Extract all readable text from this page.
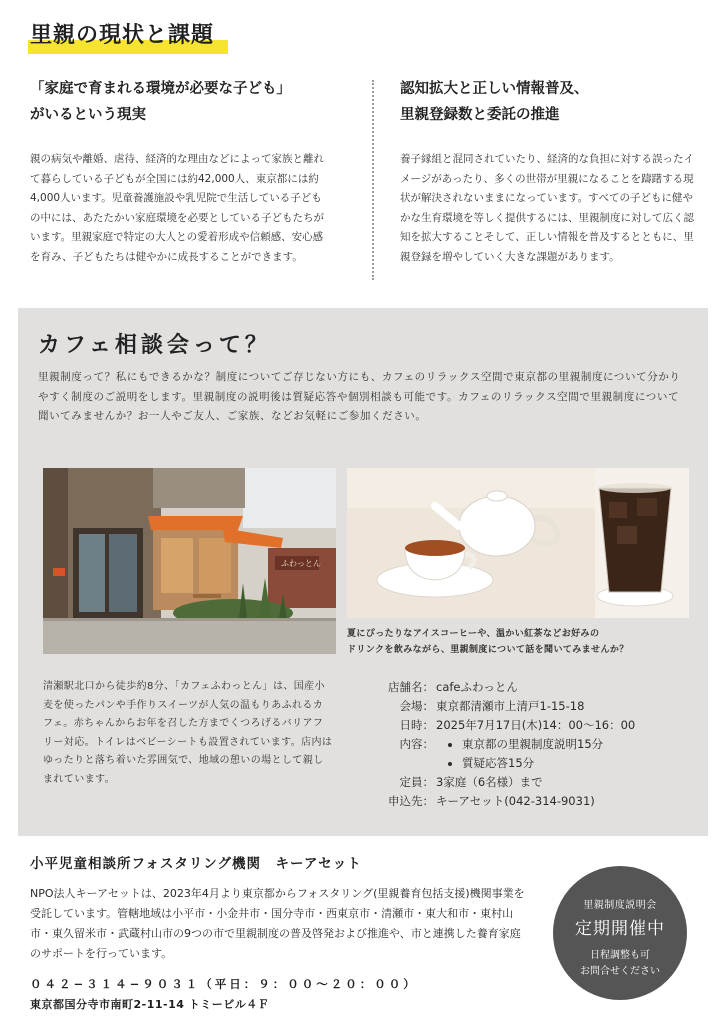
里親の現状と課題
「家庭で育まれる環境が必要な子ども」
がいるという現実

親の病気や離婚、虐待、経済的な理由などによって家族と離れて暮らしている子どもが全国には約42,000人、東京都には約4,000人います。児童養護施設や乳児院で生活している子どもの中には、あたたかい家庭環境を必要としている子どもたちがいます。里親家庭で特定の大人との愛着形成や信頼感、安心感を育み、子どもたちは健やかに成長することができます。

認知拡大と正しい情報普及、
里親登録数と委託の推進

養子縁組と混同されていたり、経済的な負担に対する誤ったイメージがあったり、多くの世帯が里親になることを躊躇する現状が解決されないままになっています。すべての子どもに健やかな生育環境を等しく提供するには、里親制度に対して広く認知を拡大することそして、正しい情報を普及するとともに、里親登録を増やしていく大きな課題があります。

カフェ相談会って？

里親制度って？私にもできるかな？制度についてご存じない方にも、カフェのリラックス空間で東京都の里親制度について分かりやすく制度のご説明をします。里親制度の説明後は質疑応答や個別相談も可能です。カフェのリラックス空間で里親制度について聞いてみませんか？お一人やご友人、ご家族、などお気軽にご参加ください。

ふわっとん
夏にぴったりなアイスコーヒーや、温かい紅茶などお好みの
ドリンクを飲みながら、里親制度について話を聞いてみませんか？

清瀬駅北口から徒歩約8分、「カフェふわっとん」は、国産小麦を使ったパンや手作りスイーツが人気の温もりあふれるカフェ。赤ちゃんからお年を召した方までくつろげるバリアフリー対応。トイレはベビーシートも設置されています。店内はゆったりと落ち着いた雰囲気で、地域の憩いの場として親しまれています。

店舗名： cafeふわっとん
会場： 東京都清瀬市上清戸1-15-18
日時： 2025年7月17日(木)14：00〜16：00
内容：
• 東京都の里親制度説明15分
• 質疑応答15分
定員： 3家庭（6名様）まで
申込先： キーアセット(042-314-9031)
小平児童相談所フォスタリング機関　キーアセット

NPO法人キーアセットは、2023年4月より東京都からフォスタリング(里親養育包括支援)機関事業を受託しています。管轄地域は小平市・小金井市・国分寺市・西東京市・清瀬市・東大和市・東村山市・東久留米市・武蔵村山市の9つの市で里親制度の普及啓発および推進や、市と連携した養育家庭のサポートを行っています。

０４２−３１４−９０３１（平日：９：００〜２０：００）
東京都国分寺市南町2-11-14 トミービル４Ｆ
里親制度説明会
定期開催中
日程調整も可
お問合せください
